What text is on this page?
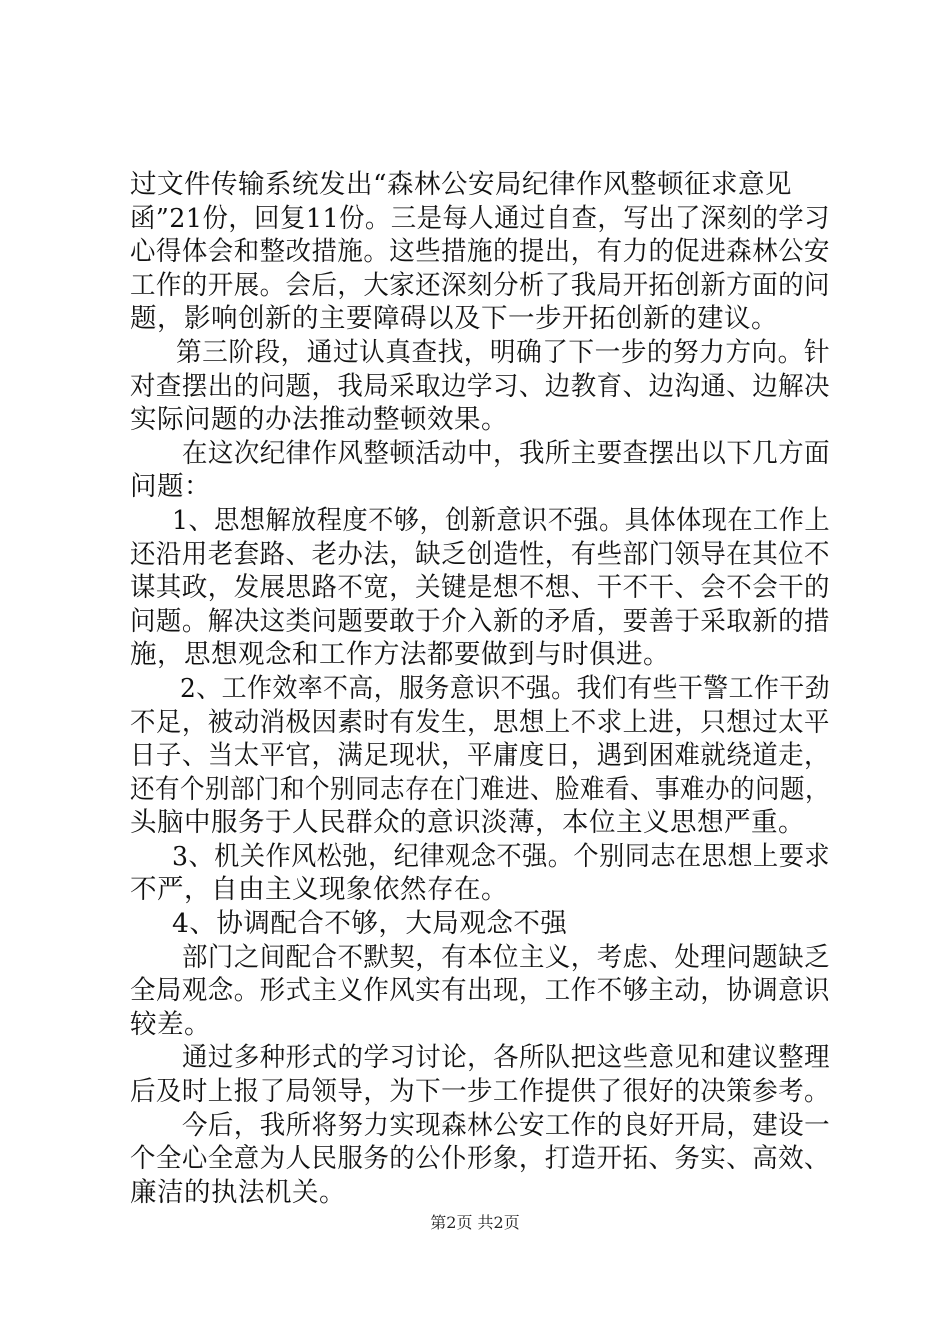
过文件传输系统发出“森林公安局纪律作风整顿征求意见
函”21份，回复11份。三是每人通过自查，写出了深刻的学习
心得体会和整改措施。这些措施的提出，有力的促进森林公安
工作的开展。会后，大家还深刻分析了我局开拓创新方面的问
题，影响创新的主要障碍以及下一步开拓创新的建议。
第三阶段，通过认真查找，明确了下一步的努力方向。针
对查摆出的问题，我局采取边学习、边教育、边沟通、边解决
实际问题的办法推动整顿效果。
在这次纪律作风整顿活动中，我所主要查摆出以下几方面
问题：
1、思想解放程度不够，创新意识不强。具体体现在工作上
还沿用老套路、老办法，缺乏创造性，有些部门领导在其位不
谋其政，发展思路不宽，关键是想不想、干不干、会不会干的
问题。解决这类问题要敢于介入新的矛盾，要善于采取新的措
施，思想观念和工作方法都要做到与时俱进。
2、工作效率不高，服务意识不强。我们有些干警工作干劲
不足，被动消极因素时有发生，思想上不求上进，只想过太平
日子、当太平官，满足现状，平庸度日，遇到困难就绕道走，
还有个别部门和个别同志存在门难进、脸难看、事难办的问题，
头脑中服务于人民群众的意识淡薄，本位主义思想严重。
3、机关作风松弛，纪律观念不强。个别同志在思想上要求
不严，自由主义现象依然存在。
4、协调配合不够，大局观念不强
部门之间配合不默契，有本位主义，考虑、处理问题缺乏
全局观念。形式主义作风实有出现，工作不够主动，协调意识
较差。
通过多种形式的学习讨论，各所队把这些意见和建议整理
后及时上报了局领导，为下一步工作提供了很好的决策参考。
今后，我所将努力实现森林公安工作的良好开局，建设一
个全心全意为人民服务的公仆形象，打造开拓、务实、高效、
廉洁的执法机关。
第2页 共2页
